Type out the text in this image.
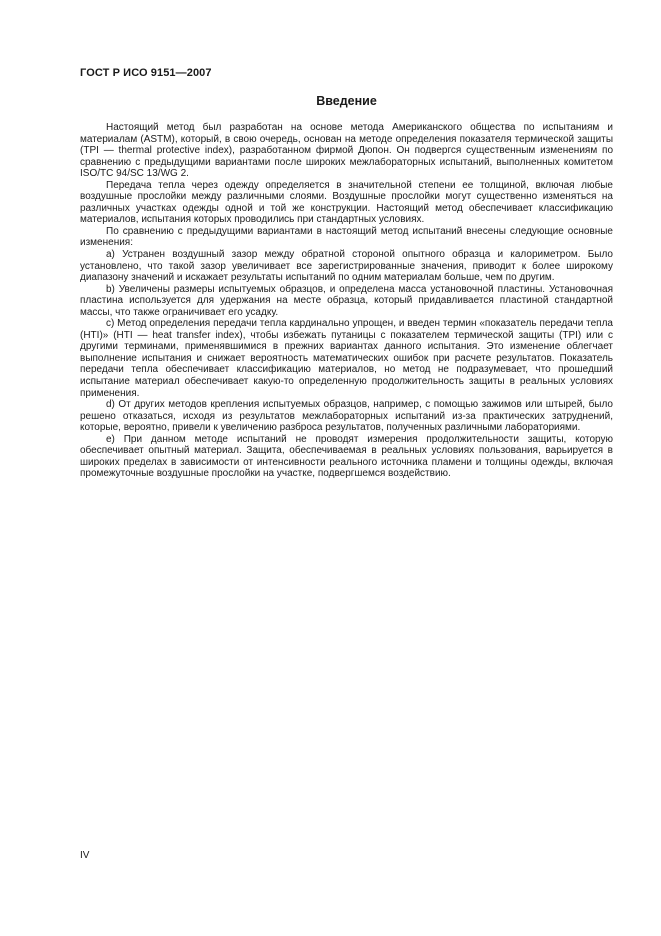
ГОСТ Р ИСО 9151—2007
Введение

Настоящий метод был разработан на основе метода Американского общества по испытаниям и материалам (ASTM), который, в свою очередь, основан на методе определения показателя термической защиты (TPI — thermal protective index), разработанном фирмой Дюпон. Он подвергся существенным изменениям по сравнению с предыдущими вариантами после широких межлабораторных испытаний, выполненных комитетом ISO/TC 94/SC 13/WG 2.

Передача тепла через одежду определяется в значительной степени ее толщиной, включая любые воздушные прослойки между различными слоями. Воздушные прослойки могут существенно изменяться на различных участках одежды одной и той же конструкции. Настоящий метод обеспечивает классификацию материалов, испытания которых проводились при стандартных условиях.

По сравнению с предыдущими вариантами в настоящий метод испытаний внесены следующие основные изменения:

a) Устранен воздушный зазор между обратной стороной опытного образца и калориметром. Было установлено, что такой зазор увеличивает все зарегистрированные значения, приводит к более широкому диапазону значений и искажает результаты испытаний по одним материалам больше, чем по другим.

b) Увеличены размеры испытуемых образцов, и определена масса установочной пластины. Установочная пластина используется для удержания на месте образца, который придавливается пластиной стандартной массы, что также ограничивает его усадку.

c) Метод определения передачи тепла кардинально упрощен, и введен термин «показатель передачи тепла (HTI)» (HTI — heat transfer index), чтобы избежать путаницы с показателем термической защиты (TPI) или с другими терминами, применявшимися в прежних вариантах данного испытания. Это изменение облегчает выполнение испытания и снижает вероятность математических ошибок при расчете результатов. Показатель передачи тепла обеспечивает классификацию материалов, но метод не подразумевает, что прошедший испытание материал обеспечивает какую-то определенную продолжительность защиты в реальных условиях применения.

d) От других методов крепления испытуемых образцов, например, с помощью зажимов или штырей, было решено отказаться, исходя из результатов межлабораторных испытаний из-за практических затруднений, которые, вероятно, привели к увеличению разброса результатов, полученных различными лабораториями.

e) При данном методе испытаний не проводят измерения продолжительности защиты, которую обеспечивает опытный материал. Защита, обеспечиваемая в реальных условиях пользования, варьируется в широких пределах в зависимости от интенсивности реального источника пламени и толщины одежды, включая промежуточные воздушные прослойки на участке, подвергшемся воздействию.

IV
